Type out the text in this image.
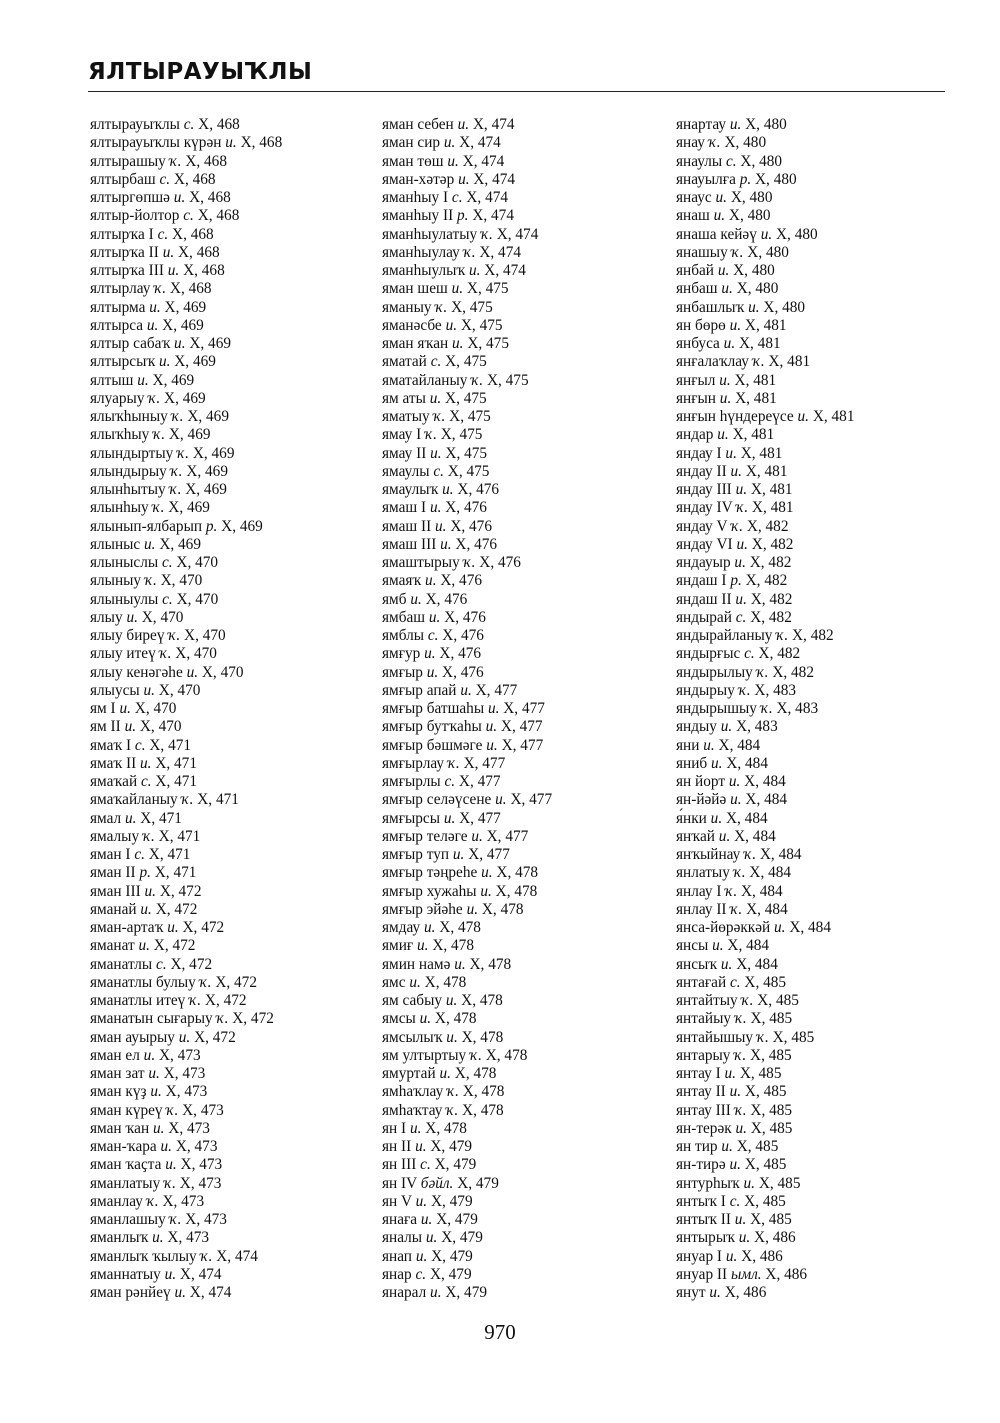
ЯЛТЫРАУЫҠЛЫ
ялтырауыҡлы с. X, 468
ялтырауыҡлы күрән и. X, 468
ялтырашыу ҡ. X, 468
ялтырбаш с. X, 468
ялтыргөпшә и. X, 468
ялтыр-йолтор с. X, 468
ялтырҡа I с. X, 468
ялтырҡа II и. X, 468
ялтырҡа III и. X, 468
ялтырлау ҡ. X, 468
ялтырма и. X, 469
ялтырса и. X, 469
ялтыр сабаҡ и. X, 469
ялтырсыҡ и. X, 469
ялтыш и. X, 469
ялуарыу ҡ. X, 469
ялыҡһыныу ҡ. X, 469
ялыҡһыу ҡ. X, 469
ялындыртыу ҡ. X, 469
ялындырыу ҡ. X, 469
ялынһытыу ҡ. X, 469
ялынһыу ҡ. X, 469
ялынып-ялбарып р. X, 469
ялыныс и. X, 469
ялыныслы с. X, 470
ялыныу ҡ. X, 470
ялыныулы с. X, 470
ялыу и. X, 470
ялыу биреү ҡ. X, 470
ялыу итеү ҡ. X, 470
ялыу кенәгәһе и. X, 470
ялыусы и. X, 470
ям I и. X, 470
ям II и. X, 470
ямаҡ I с. X, 471
ямаҡ II и. X, 471
ямаҡай с. X, 471
ямаҡайланыу ҡ. X, 471
ямал и. X, 471
ямалыу ҡ. X, 471
яман I с. X, 471
яман II р. X, 471
яман III и. X, 472
яманай и. X, 472
яман-артаҡ и. X, 472
яманат и. X, 472
яманатлы с. X, 472
яманатлы булыу ҡ. X, 472
яманатлы итеү ҡ. X, 472
яманатын сығарыу ҡ. X, 472
яман ауырыу и. X, 472
яман ел и. X, 473
яман зат и. X, 473
яман күҙ и. X, 473
яман күреү ҡ. X, 473
яман ҡан и. X, 473
яман-ҡара и. X, 473
яман ҡаҫта и. X, 473
яманлатыу ҡ. X, 473
яманлау ҡ. X, 473
яманлашыу ҡ. X, 473
яманлыҡ и. X, 473
яманлыҡ ҡылыу ҡ. X, 474
яманнатыу и. X, 474
яман рәнйеү и. X, 474
яман себен и. X, 474
яман сир и. X, 474
яман төш и. X, 474
яман-хәтәр и. X, 474
яманһыу I с. X, 474
яманһыу II р. X, 474
яманһыулатыу ҡ. X, 474
яманһыулау ҡ. X, 474
яманһыулыҡ и. X, 474
яман шеш и. X, 475
яманыу ҡ. X, 475
яманәсбе и. X, 475
яман яҡан и. X, 475
яматай с. X, 475
яматайланыу ҡ. X, 475
ям аты и. X, 475
яматыу ҡ. X, 475
ямау I ҡ. X, 475
ямау II и. X, 475
ямаулы с. X, 475
ямаулыҡ и. X, 476
ямаш I и. X, 476
ямаш II и. X, 476
ямаш III и. X, 476
ямаштырыу ҡ. X, 476
ямаяҡ и. X, 476
ямб и. X, 476
ямбаш и. X, 476
ямблы с. X, 476
ямғур и. X, 476
ямғыр и. X, 476
ямғыр апай и. X, 477
ямғыр батшаһы и. X, 477
ямғыр бутҡаһы и. X, 477
ямғыр бәшмәге и. X, 477
ямғырлау ҡ. X, 477
ямғырлы с. X, 477
ямғыр селәүсене и. X, 477
ямғырсы и. X, 477
ямғыр теләге и. X, 477
ямғыр туп и. X, 477
ямғыр тәңреһе и. X, 478
ямғыр хужаһы и. X, 478
ямғыр эйәһе и. X, 478
ямдау и. X, 478
ямиғ и. X, 478
ямин намә и. X, 478
ямс и. X, 478
ям сабыу и. X, 478
ямсы и. X, 478
ямсылыҡ и. X, 478
ям ултыртыу ҡ. X, 478
ямуртай и. X, 478
ямһаҡлау ҡ. X, 478
ямһаҡтау ҡ. X, 478
ян I и. X, 478
ян II и. X, 479
ян III с. X, 479
ян IV бәйл. X, 479
ян V и. X, 479
янаға и. X, 479
яналы и. X, 479
янап и. X, 479
янар с. X, 479
янарал и. X, 479
янартау и. X, 480
янау ҡ. X, 480
янаулы с. X, 480
янауылға р. X, 480
янаус и. X, 480
янаш и. X, 480
янаша кейәү и. X, 480
янашыу ҡ. X, 480
янбай и. X, 480
янбаш и. X, 480
янбашлыҡ и. X, 480
ян бөрө и. X, 481
янбуса и. X, 481
янғалаҡлау ҡ. X, 481
янғыл и. X, 481
янғын и. X, 481
янғын һүндереүсе и. X, 481
яндар и. X, 481
яндау I и. X, 481
яндау II и. X, 481
яндау III и. X, 481
яндау IV ҡ. X, 481
яндау V ҡ. X, 482
яндау VI и. X, 482
яндауыр и. X, 482
яндаш I р. X, 482
яндаш II и. X, 482
яндырай с. X, 482
яндырайланыу ҡ. X, 482
яндырғыс с. X, 482
яндырылыу ҡ. X, 482
яндырыу ҡ. X, 483
яндырышыу ҡ. X, 483
яндыу и. X, 483
яни и. X, 484
яниб и. X, 484
ян йорт и. X, 484
ян-йәйә и. X, 484
я́нки и. X, 484
янҡай и. X, 484
янҡыйнау ҡ. X, 484
янлатыу ҡ. X, 484
янлау I ҡ. X, 484
янлау II ҡ. X, 484
янса-йөрәккәй и. X, 484
янсы и. X, 484
янсыҡ и. X, 484
янтағай с. X, 485
янтайтыу ҡ. X, 485
янтайыу ҡ. X, 485
янтайышыу ҡ. X, 485
янтарыу ҡ. X, 485
янтау I и. X, 485
янтау II и. X, 485
янтау III ҡ. X, 485
ян-терәк и. X, 485
ян тир и. X, 485
ян-тирә и. X, 485
янтурһыҡ и. X, 485
янтыҡ I с. X, 485
янтыҡ II и. X, 485
янтырыҡ и. X, 486
януар I и. X, 486
януар II ымл. X, 486
янут и. X, 486
970
